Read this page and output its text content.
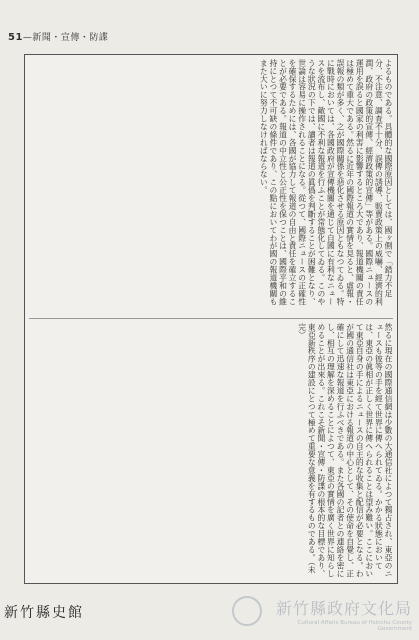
51—新聞・宣傳・防諜
よるものである。具體的な國際原因としては、國ヶ側で「錯力不足分、不注意、調査不十分、誤傳の誘導、販賣政策上の威嚇、經濟的利潤、政府の政策的宣傳、經濟政策的宣傳」等がある。國際ニュースの運用を誤ると國家の利害に影響するところ大であり、報道機關の責任は極めて重大である。然るに近年の國際報道の實情を見ると、虛報・誤報の類が多く、之が國際關係を惡化させる原因ともなつてゐる。特に戰時においては、各國政府が宣傳機關を通じて自國に有利なニュースを流布し、敵國に不利な報道を行ふことが常態化してゐる。このやうな狀況の下では、讀者は報道の眞僞を判斷することが困難となり、世論は容易に操作されることになる。從つて、國際ニュースの正確性を確保するためには、各國が協力して報道の自由と責任を確立することが必要である。報道の中立性と公正性を保つことは、國際平和の維持にとつて不可缺の條件であり、この點においてわが國の報道機關もまた大いに努力しなければならない。
然るに現在の國際通信網は少數の大通信社によつて獨占され、東亞のニュースも彼等の手を經て世界に傳へられてゐる。かかる狀態においては、東亞の眞相が正しく世界に傳へられることは望み難い。ここにおいて東亞自身の手によるニュースの自主的な收集と配信が必要となる。わが國の通信社は東亞における報道の中心として、その使命を自覺し、正確にして迅速な報道を行ふべきである。また各國の記者との連絡を密にし、相互の理解を深めることによつて、東亞の實情を廣く世界に知らしめることが出來る。これこそ新聞・宣傳・防諜の根本的な目標であり、東亞新秩序の建設にとつて極めて重要な意義を有するものである。（未完）
新竹縣史館	新竹縣政府文化局
Cultural Affairs Bureau of Hsinchu County Government
